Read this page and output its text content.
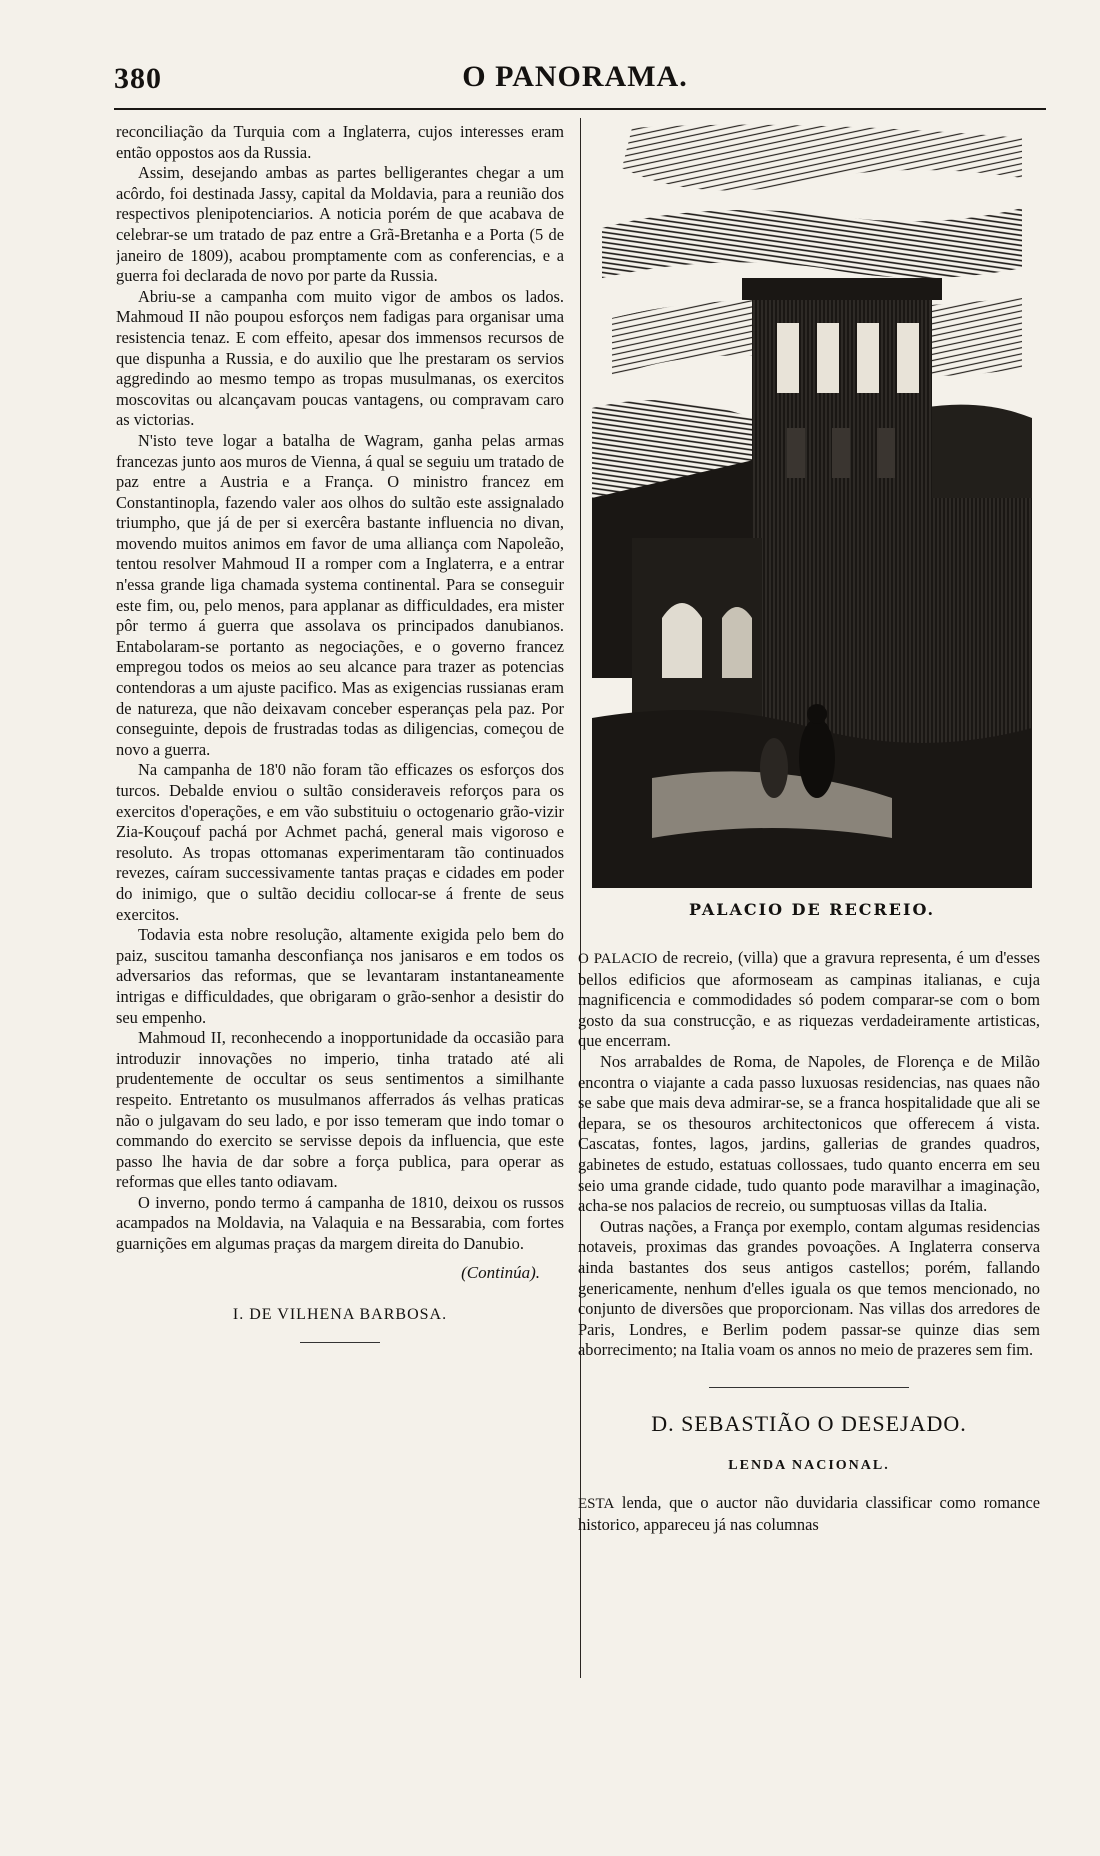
380	O PANORAMA.

reconciliação da Turquia com a Inglaterra, cujos interesses eram então oppostos aos da Russia.

Assim, desejando ambas as partes belligerantes chegar a um acôrdo, foi destinada Jassy, capital da Moldavia, para a reunião dos respectivos plenipotenciarios. A noticia porém de que acabava de celebrar-se um tratado de paz entre a Grã-Bretanha e a Porta (5 de janeiro de 1809), acabou promptamente com as conferencias, e a guerra foi declarada de novo por parte da Russia.

Abriu-se a campanha com muito vigor de ambos os lados. Mahmoud II não poupou esforços nem fadigas para organisar uma resistencia tenaz. E com effeito, apesar dos immensos recursos de que dispunha a Russia, e do auxilio que lhe prestaram os servios aggredindo ao mesmo tempo as tropas musulmanas, os exercitos moscovitas ou alcançavam poucas vantagens, ou compravam caro as victorias.

N'isto teve logar a batalha de Wagram, ganha pelas armas francezas junto aos muros de Vienna, á qual se seguiu um tratado de paz entre a Austria e a França. O ministro francez em Constantinopla, fazendo valer aos olhos do sultão este assignalado triumpho, que já de per si exercêra bastante influencia no divan, movendo muitos animos em favor de uma alliança com Napoleão, tentou resolver Mahmoud II a romper com a Inglaterra, e a entrar n'essa grande liga chamada systema continental. Para se conseguir este fim, ou, pelo menos, para applanar as difficuldades, era mister pôr termo á guerra que assolava os principados danubianos. Entabolaram-se portanto as negociações, e o governo francez empregou todos os meios ao seu alcance para trazer as potencias contendoras a um ajuste pacifico. Mas as exigencias russianas eram de natureza, que não deixavam conceber esperanças pela paz. Por conseguinte, depois de frustradas todas as diligencias, começou de novo a guerra.

Na campanha de 18'0 não foram tão efficazes os esforços dos turcos. Debalde enviou o sultão consideraveis reforços para os exercitos d'operações, e em vão substituiu o octogenario grão-vizir Zia-Kouçouf pachá por Achmet pachá, general mais vigoroso e resoluto. As tropas ottomanas experimentaram tão continuados revezes, caíram successivamente tantas praças e cidades em poder do inimigo, que o sultão decidiu collocar-se á frente de seus exercitos.

Todavia esta nobre resolução, altamente exigida pelo bem do paiz, suscitou tamanha desconfiança nos janisaros e em todos os adversarios das reformas, que se levantaram instantaneamente intrigas e difficuldades, que obrigaram o grão-senhor a desistir do seu empenho.

Mahmoud II, reconhecendo a inopportunidade da occasião para introduzir innovações no imperio, tinha tratado até ali prudentemente de occultar os seus sentimentos a similhante respeito. Entretanto os musulmanos afferrados ás velhas praticas não o julgavam do seu lado, e por isso temeram que indo tomar o commando do exercito se servisse depois da influencia, que este passo lhe havia de dar sobre a força publica, para operar as reformas que elles tanto odiavam.

O inverno, pondo termo á campanha de 1810, deixou os russos acampados na Moldavia, na Valaquia e na Bessarabia, com fortes guarnições em algumas praças da margem direita do Danubio.

(Continúa).
I. DE VILHENA BARBOSA.
PALACIO DE RECREIO.

O PALACIO de recreio, (villa) que a gravura representa, é um d'esses bellos edificios que aformoseam as campinas italianas, e cuja magnificencia e commodidades só podem comparar-se com o bom gosto da sua construcção, e as riquezas verdadeiramente artisticas, que encerram.

Nos arrabaldes de Roma, de Napoles, de Florença e de Milão encontra o viajante a cada passo luxuosas residencias, nas quaes não se sabe que mais deva admirar-se, se a franca hospitalidade que ali se depara, se os thesouros architectonicos que offerecem á vista. Cascatas, fontes, lagos, jardins, gallerias de grandes quadros, gabinetes de estudo, estatuas collossaes, tudo quanto encerra em seu seio uma grande cidade, tudo quanto pode maravilhar a imaginação, acha-se nos palacios de recreio, ou sumptuosas villas da Italia.

Outras nações, a França por exemplo, contam algumas residencias notaveis, proximas das grandes povoações. A Inglaterra conserva ainda bastantes dos seus antigos castellos; porém, fallando genericamente, nenhum d'elles iguala os que temos mencionado, no conjunto de diversões que proporcionam. Nas villas dos arredores de Paris, Londres, e Berlim podem passar-se quinze dias sem aborrecimento; na Italia voam os annos no meio de prazeres sem fim.

D. SEBASTIÃO O DESEJADO.
LENDA NACIONAL.

ESTA lenda, que o auctor não duvidaria classificar como romance historico, appareceu já nas columnas
